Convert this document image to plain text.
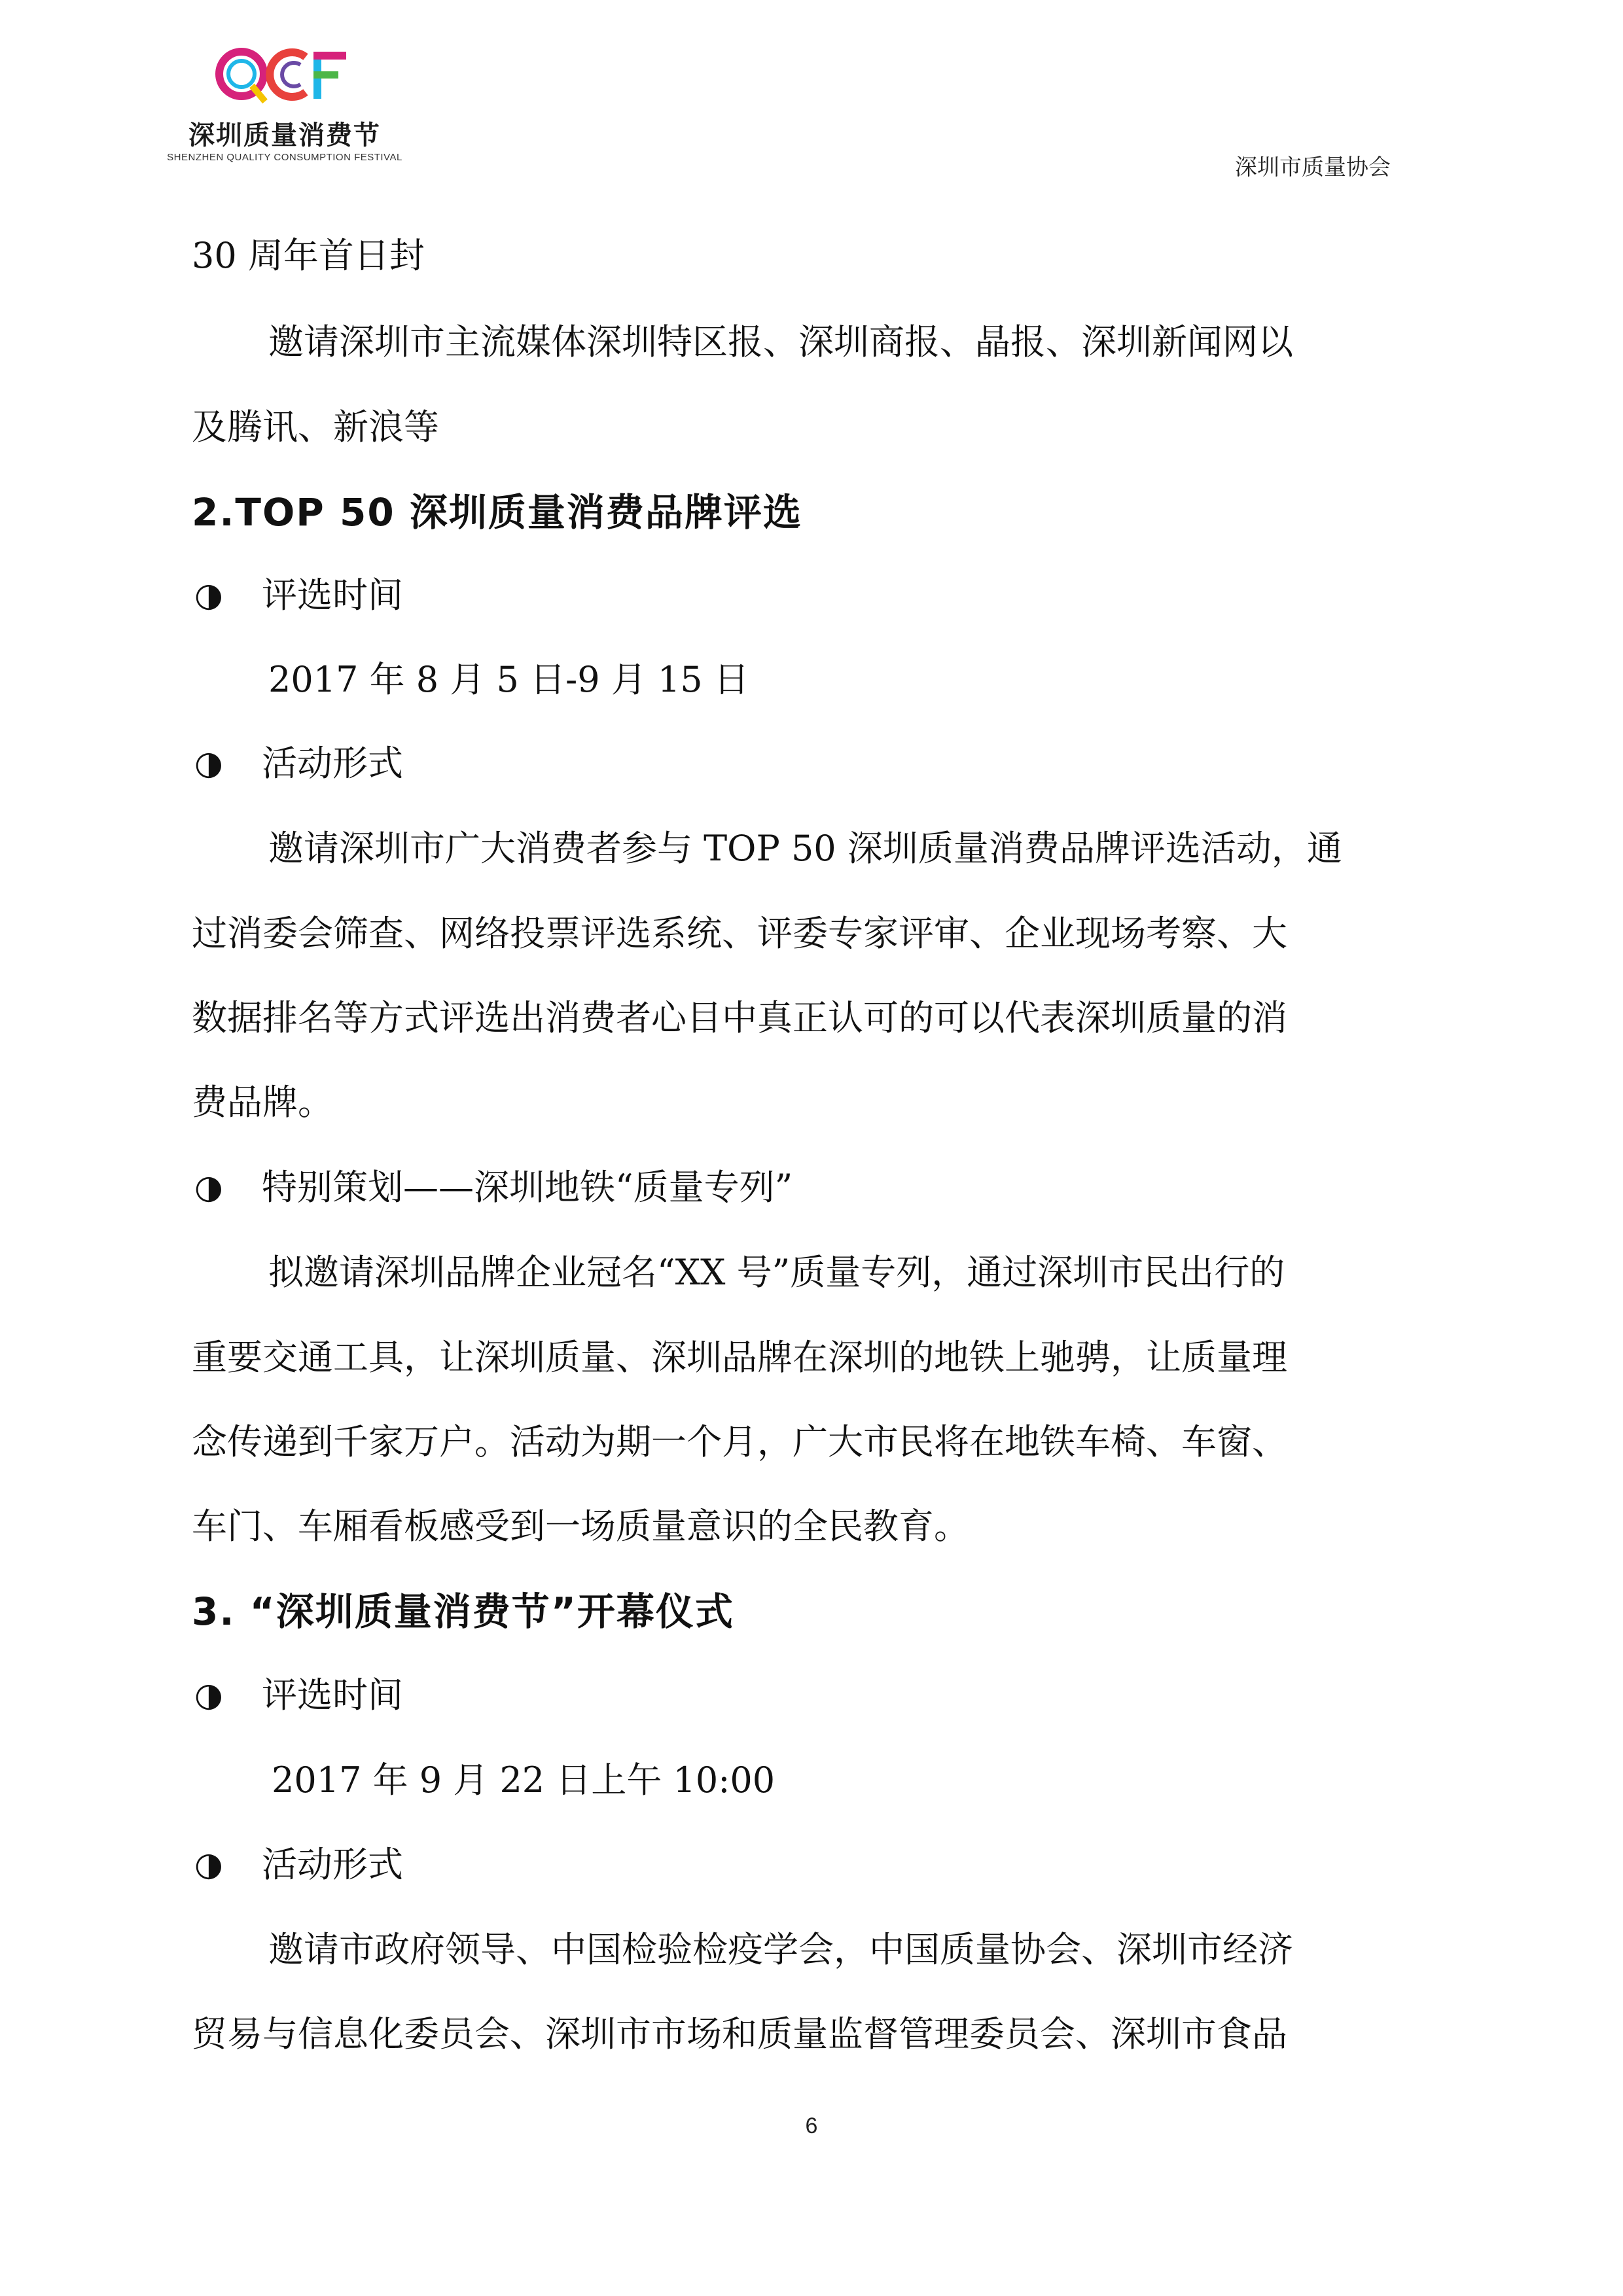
深圳质量消费节
SHENZHEN QUALITY CONSUMPTION FESTIVAL	深圳市质量协会
30 周年首日封
邀请深圳市主流媒体深圳特区报、深圳商报、晶报、深圳新闻网以
及腾讯、新浪等
2.TOP 50 深圳质量消费品牌评选
◑ 评选时间
2017 年 8 月 5 日-9 月 15 日
◑ 活动形式
邀请深圳市广大消费者参与 TOP 50 深圳质量消费品牌评选活动，通
过消委会筛查、网络投票评选系统、评委专家评审、企业现场考察、大
数据排名等方式评选出消费者心目中真正认可的可以代表深圳质量的消
费品牌。
◑ 特别策划——深圳地铁“质量专列”
拟邀请深圳品牌企业冠名“XX 号”质量专列，通过深圳市民出行的
重要交通工具，让深圳质量、深圳品牌在深圳的地铁上驰骋，让质量理
念传递到千家万户。活动为期一个月，广大市民将在地铁车椅、车窗、
车门、车厢看板感受到一场质量意识的全民教育。
3. “深圳质量消费节”开幕仪式
◑ 评选时间
2017 年 9 月 22 日上午 10:00
◑ 活动形式
邀请市政府领导、中国检验检疫学会，中国质量协会、深圳市经济
贸易与信息化委员会、深圳市市场和质量监督管理委员会、深圳市食品
6
